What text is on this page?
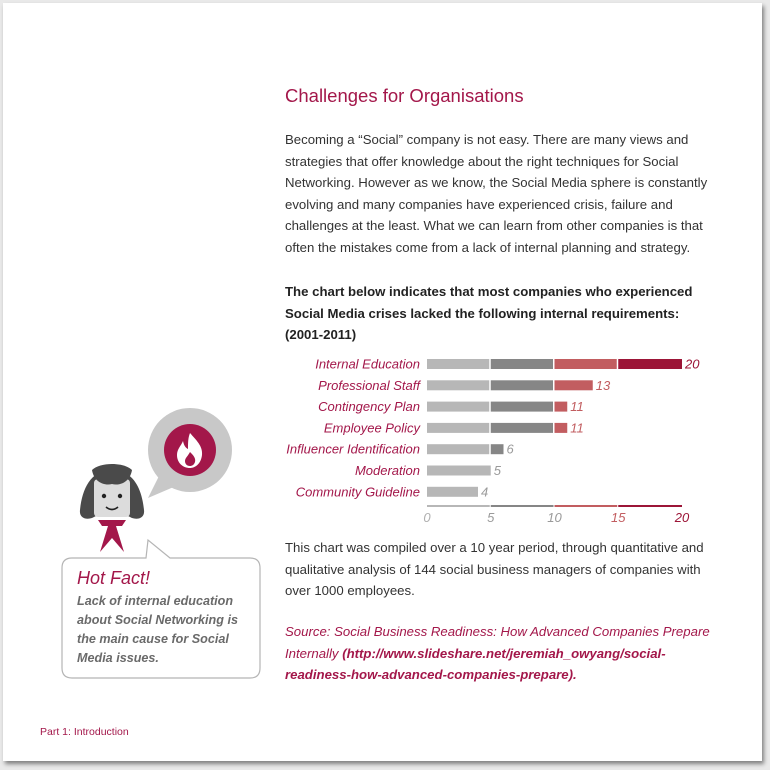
Challenges for Organisations

Becoming a “Social” company is not easy. There are many views and strategies that offer knowledge about the right techniques for Social Networking. However as we know, the Social Media sphere is constantly evolving and many companies have experienced crisis, failure and challenges at the least. What we can learn from other companies is that often the mistakes come from a lack of internal planning and strategy.

The chart below indicates that most companies who experienced Social Media crises lacked the following internal requirements: (2001-2011)

Internal Education	20
Professional Staff	13
Contingency Plan	11
Employee Policy	11
Influencer Identification	6
Moderation	5
Community Guideline	4
0	5	10	15	20

This chart was compiled over a 10 year period, through quantitative and qualitative analysis of 144 social business managers of companies with over 1000 employees.

Source: Social Business Readiness: How Advanced Companies Prepare Internally (http://www.slideshare.net/jeremiah_owyang/social-readiness-how-advanced-companies-prepare).

Hot Fact!
Lack of internal education about Social Networking is the main cause for Social Media issues.
Part 1: Introduction
